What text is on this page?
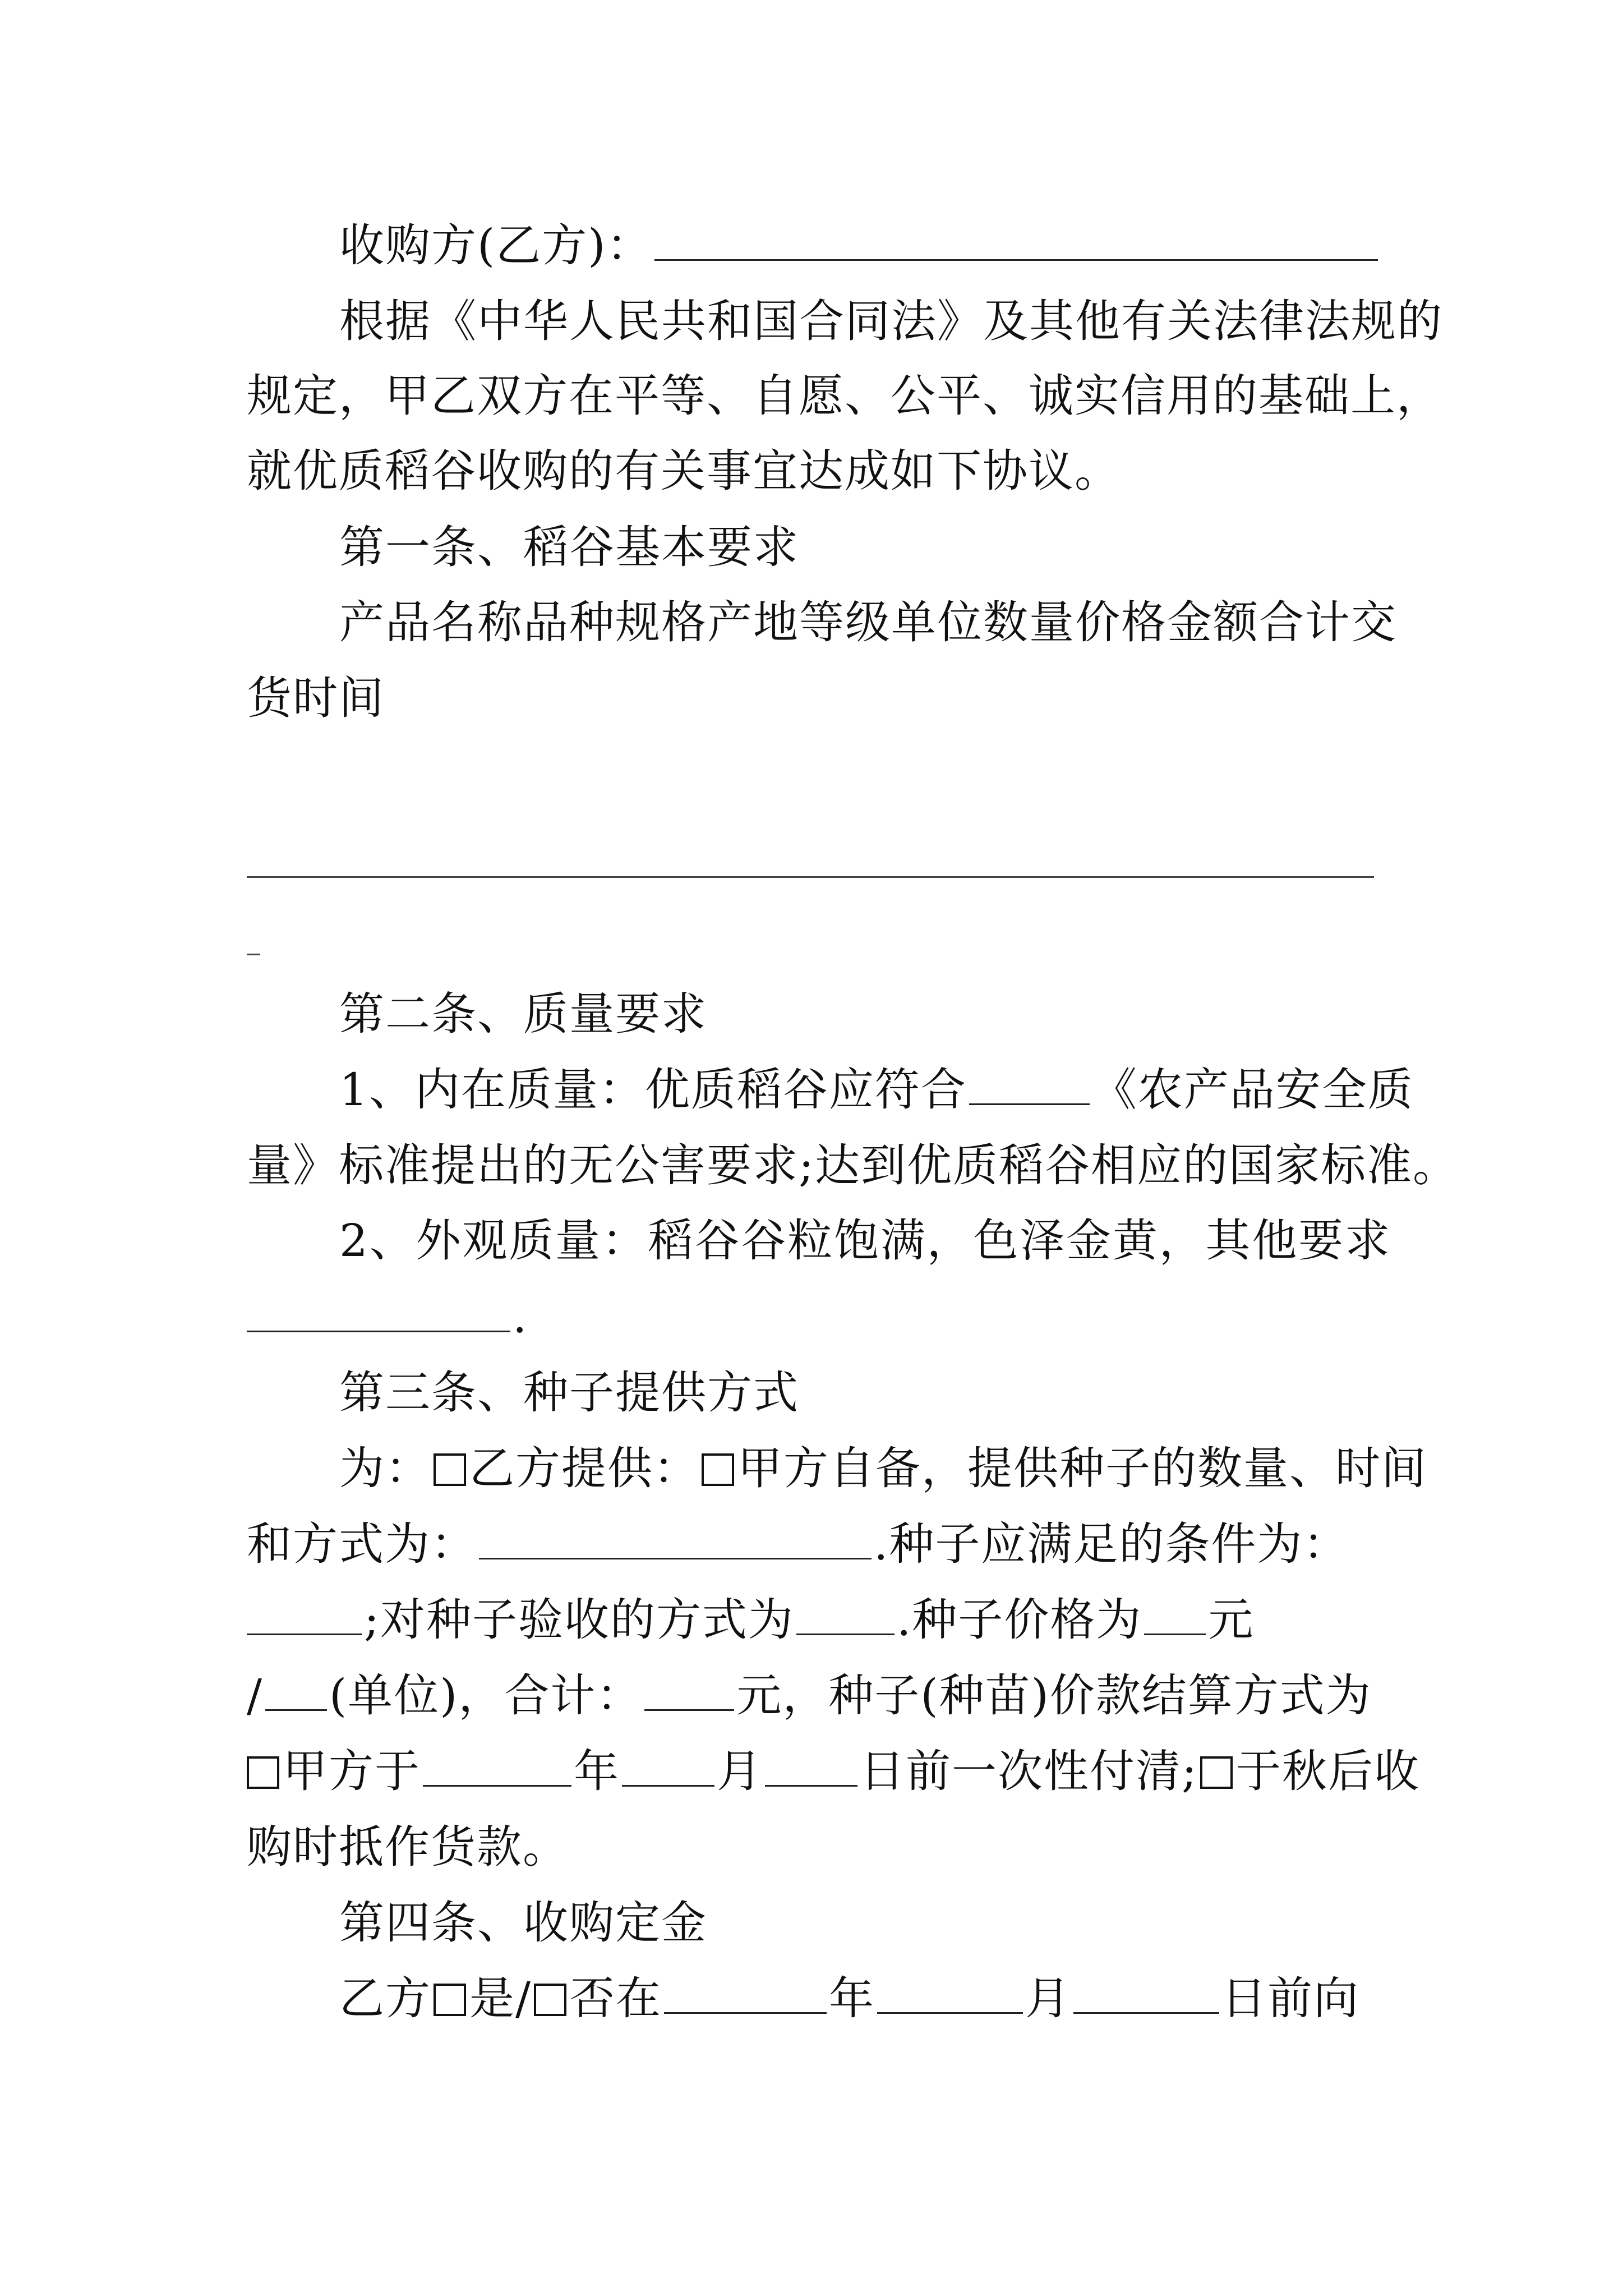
收购方(乙方)：
根据《中华人民共和国合同法》及其他有关法律法规的
规定，甲乙双方在平等、自愿、公平、诚实信用的基础上，
就优质稻谷收购的有关事宜达成如下协议。
第一条、稻谷基本要求
产品名称品种规格产地等级单位数量价格金额合计交
货时间
第二条、质量要求
1、内在质量：优质稻谷应符合	《农产品安全质
量》标准提出的无公害要求;达到优质稻谷相应的国家标准。
2、外观质量：稻谷谷粒饱满，色泽金黄，其他要求
.
第三条、种子提供方式
为： 乙方提供： 甲方自备，提供种子的数量、时间
和方式为：	.种子应满足的条件为：
;对种子验收的方式为 .种子价格为 元
/ (单位)，合计： 元，种子(种苗)价款结算方式为
甲方于	年 月 日前一次性付清; 于秋后收
购时抵作货款。
第四条、收购定金
乙方 是/ 否在	年	月	日前向
